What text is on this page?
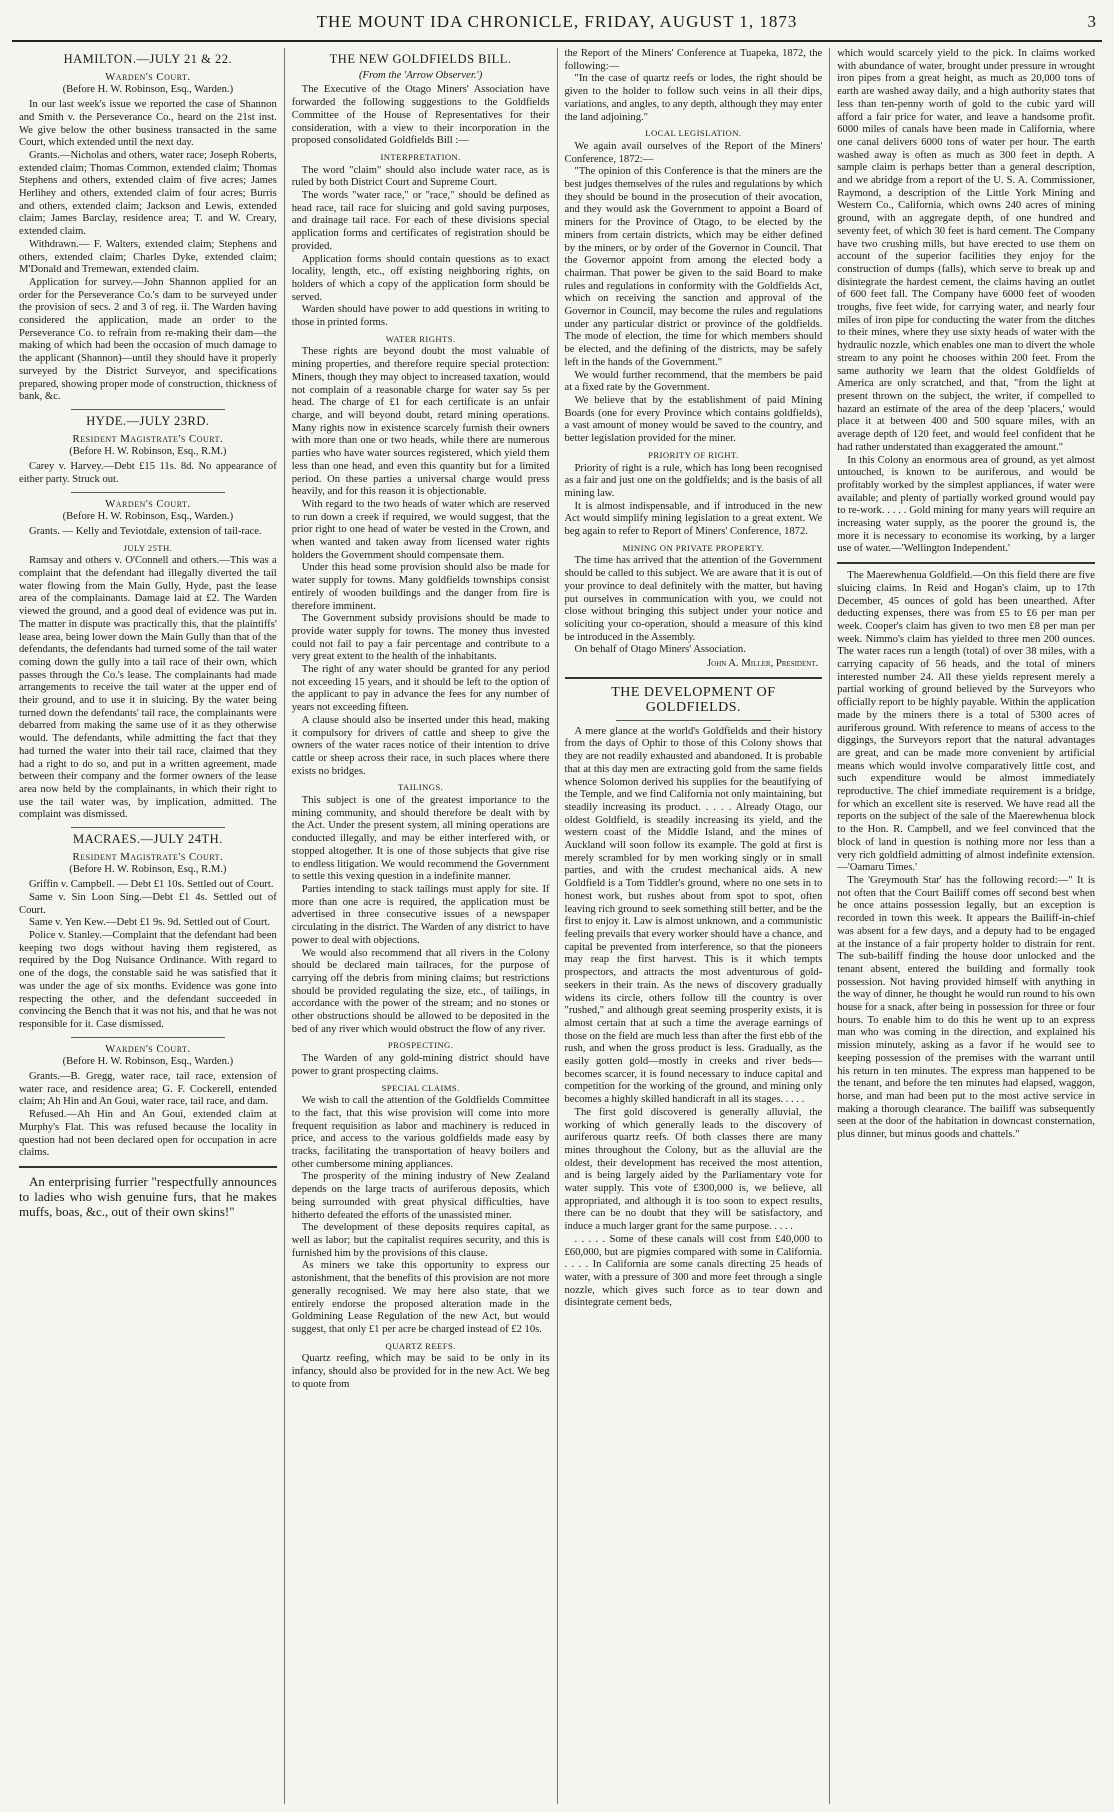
THE MOUNT IDA CHRONICLE, FRIDAY, AUGUST 1, 1873	3
HAMILTON.—JULY 21 & 22.
Warden's Court.
(Before H. W. Robinson, Esq., Warden.)

In our last week's issue we reported the case of Shannon and Smith v. the Perseverance Co., heard on the 21st inst. We give below the other business transacted in the same Court, which extended until the next day.

Grants.—Nicholas and others, water race; Joseph Roberts, extended claim; Thomas Common, extended claim; Thomas Stephens and others, extended claim of five acres; James Herlihey and others, extended claim of four acres; Burris and others, extended claim; Jackson and Lewis, extended claim; James Barclay, residence area; T. and W. Creary, extended claim.

Withdrawn.— F. Walters, extended claim; Stephens and others, extended claim; Charles Dyke, extended claim; M'Donald and Tremewan, extended claim.

Application for survey.—John Shannon applied for an order for the Perseverance Co.'s dam to be surveyed under the provision of secs. 2 and 3 of reg. ii. The Warden having considered the application, made an order to the Perseverance Co. to refrain from re-making their dam—the making of which had been the occasion of much damage to the applicant (Shannon)—until they should have it properly surveyed by the District Surveyor, and specifications prepared, showing proper mode of construction, thickness of bank, &c.

HYDE.—JULY 23RD.
Resident Magistrate's Court.
(Before H. W. Robinson, Esq., R.M.)

Carey v. Harvey.—Debt £15 11s. 8d. No appearance of either party. Struck out.

Warden's Court.
(Before H. W. Robinson, Esq., Warden.)

Grants. — Kelly and Teviotdale, extension of tail-race.

JULY 25TH.

Ramsay and others v. O'Connell and others.—This was a complaint that the defendant had illegally diverted the tail water flowing from the Main Gully, Hyde, past the lease area of the complainants. Damage laid at £2. The Warden viewed the ground, and a good deal of evidence was put in. The matter in dispute was practically this, that the plaintiffs' lease area, being lower down the Main Gully than that of the defendants, the defendants had turned some of the tail water coming down the gully into a tail race of their own, which passes through the Co.'s lease. The complainants had made arrangements to receive the tail water at the upper end of their ground, and to use it in sluicing. By the water being turned down the defendants' tail race, the complainants were debarred from making the same use of it as they otherwise would. The defendants, while admitting the fact that they had turned the water into their tail race, claimed that they had a right to do so, and put in a written agreement, made between their company and the former owners of the lease area now held by the complainants, in which their right to use the tail water was, by implication, admitted. The complaint was dismissed.

MACRAES.—JULY 24TH.
Resident Magistrate's Court.
(Before H. W. Robinson, Esq., R.M.)

Griffin v. Campbell. — Debt £1 10s. Settled out of Court.

Same v. Sin Loon Sing.—Debt £1 4s. Settled out of Court.

Same v. Yen Kew.—Debt £1 9s. 9d. Settled out of Court.

Police v. Stanley.—Complaint that the defendant had been keeping two dogs without having them registered, as required by the Dog Nuisance Ordinance. With regard to one of the dogs, the constable said he was satisfied that it was under the age of six months. Evidence was gone into respecting the other, and the defendant succeeded in convincing the Bench that it was not his, and that he was not responsible for it. Case dismissed.

Warden's Court.
(Before H. W. Robinson, Esq., Warden.)

Grants.—B. Gregg, water race, tail race, extension of water race, and residence area; G. F. Cockerell, entended claim; Ah Hin and An Goui, water race, tail race, and dam.

Refused.—Ah Hin and An Goui, extended claim at Murphy's Flat. This was refused because the locality in question had not been declared open for occupation in acre claims.

An enterprising furrier "respectfully announces to ladies who wish genuine furs, that he makes muffs, boas, &c., out of their own skins!"

THE NEW GOLDFIELDS BILL.
(From the 'Arrow Observer.')

The Executive of the Otago Miners' Association have forwarded the following suggestions to the Goldfields Committee of the House of Representatives for their consideration, with a view to their incorporation in the proposed consolidated Goldfields Bill :—

INTERPRETATION.

The word "claim" should also include water race, as is ruled by both District Court and Supreme Court.

The words "water race," or "race," should be defined as head race, tail race for sluicing and gold saving purposes, and drainage tail race. For each of these divisions special application forms and certificates of registration should be provided.

Application forms should contain questions as to exact locality, length, etc., off existing neighboring rights, on holders of which a copy of the application form should be served.

Warden should have power to add questions in writing to those in printed forms.

WATER RIGHTS.

These rights are beyond doubt the most valuable of mining properties, and therefore require special protection: Miners, though they may object to increased taxation, would not complain of a reasonable charge for water say 5s per head. The charge of £1 for each certificate is an unfair charge, and will beyond doubt, retard mining operations. Many rights now in existence scarcely furnish their owners with more than one or two heads, while there are numerous parties who have water sources registered, which yield them less than one head, and even this quantity but for a limited period. On these parties a universal charge would press heavily, and for this reason it is objectionable.

With regard to the two heads of water which are reserved to run down a creek if required, we would suggest, that the prior right to one head of water be vested in the Crown, and when wanted and taken away from licensed water rights holders the Government should compensate them.

Under this head some provision should also be made for water supply for towns. Many goldfields townships consist entirely of wooden buildings and the danger from fire is therefore imminent.

The Government subsidy provisions should be made to provide water supply for towns. The money thus invested could not fail to pay a fair percentage and contribute to a very great extent to the health of the inhabitants.

The right of any water should be granted for any period not exceeding 15 years, and it should be left to the option of the applicant to pay in advance the fees for any number of years not exceeding fifteen.

A clause should also be inserted under this head, making it compulsory for drivers of cattle and sheep to give the owners of the water races notice of their intention to drive cattle or sheep across their race, in such places where there exists no bridges.

TAILINGS.

This subject is one of the greatest importance to the mining community, and should therefore be dealt with by the Act. Under the present system, all mining operations are conducted illegally, and may be either interfered with, or stopped altogether. It is one of those subjects that give rise to endless litigation. We would recommend the Government to settle this vexing question in a indefinite manner.

Parties intending to stack tailings must apply for site. If more than one acre is required, the application must be advertised in three consecutive issues of a newspaper circulating in the district. The Warden of any district to have power to deal with objections.

We would also recommend that all rivers in the Colony should be declared main tailraces, for the purpose of carrying off the debris from mining claims; but restrictions should be provided regulating the size, etc., of tailings, in accordance with the power of the stream; and no stones or other obstructions should be allowed to be deposited in the bed of any river which would obstruct the flow of any river.

PROSPECTING.

The Warden of any gold-mining district should have power to grant prospecting claims.

SPECIAL CLAIMS.

We wish to call the attention of the Goldfields Committee to the fact, that this wise provision will come into more frequent requisition as labor and machinery is reduced in price, and access to the various goldfields made easy by tracks, facilitating the transportation of heavy boilers and other cumbersome mining appliances.

The prosperity of the mining industry of New Zealand depends on the large tracts of auriferous deposits, which being surrounded with great physical difficulties, have hitherto defeated the efforts of the unassisted miner.

The development of these deposits requires capital, as well as labor; but the capitalist requires security, and this is furnished him by the provisions of this clause.

As miners we take this opportunity to express our astonishment, that the benefits of this provision are not more generally recognised. We may here also state, that we entirely endorse the proposed alteration made in the Goldmining Lease Regulation of the new Act, but would suggest, that only £1 per acre be charged instead of £2 10s.

QUARTZ REEFS.

Quartz reefing, which may be said to be only in its infancy, should also be provided for in the new Act. We beg to quote from

the Report of the Miners' Conference at Tuapeka, 1872, the following:—

"In the case of quartz reefs or lodes, the right should be given to the holder to follow such veins in all their dips, variations, and angles, to any depth, although they may enter the land adjoining."

LOCAL LEGISLATION.

We again avail ourselves of the Report of the Miners' Conference, 1872:—

"The opinion of this Conference is that the miners are the best judges themselves of the rules and regulations by which they should be bound in the prosecution of their avocation, and they would ask the Government to appoint a Board of miners for the Province of Otago, to be elected by the miners from certain districts, which may be either defined by the miners, or by order of the Governor in Council. That the Governor appoint from among the elected body a chairman. That power be given to the said Board to make rules and regulations in conformity with the Goldfields Act, which on receiving the sanction and approval of the Governor in Council, may become the rules and regulations under any particular district or province of the goldfields. The mode of election, the time for which members should be elected, and the defining of the districts, may be safely left in the hands of the Government."

We would further recommend, that the members be paid at a fixed rate by the Government.

We believe that by the establishment of paid Mining Boards (one for every Province which contains goldfields), a vast amount of money would be saved to the country, and better legislation provided for the miner.

PRIORITY OF RIGHT.

Priority of right is a rule, which has long been recognised as a fair and just one on the goldfields; and is the basis of all mining law.

It is almost indispensable, and if introduced in the new Act would simplify mining legislation to a great extent. We beg again to refer to Report of Miners' Conference, 1872.

MINING ON PRIVATE PROPERTY.

The time has arrived that the attention of the Government should be called to this subject. We are aware that it is out of your province to deal definitely with the matter, but having put ourselves in communication with you, we could not close without bringing this subject under your notice and soliciting your co-operation, should a measure of this kind be introduced in the Assembly.

On behalf of Otago Miners' Association.

John A. Miller, President.
THE DEVELOPMENT OF GOLDFIELDS.

A mere glance at the world's Goldfields and their history from the days of Ophir to those of this Colony shows that they are not readily exhausted and abandoned. It is probable that at this day men are extracting gold from the same fields whence Solomon derived his supplies for the beautifying of the Temple, and we find California not only maintaining, but steadily increasing its product. . . . . Already Otago, our oldest Goldfield, is steadily increasing its yield, and the western coast of the Middle Island, and the mines of Auckland will soon follow its example. The gold at first is merely scrambled for by men working singly or in small parties, and with the crudest mechanical aids. A new Goldfield is a Tom Tiddler's ground, where no one sets in to honest work, but rushes about from spot to spot, often leaving rich ground to seek something still better, and be the first to enjoy it. Law is almost unknown, and a communistic feeling prevails that every worker should have a chance, and capital be prevented from interference, so that the pioneers may reap the first harvest. This is it which tempts prospectors, and attracts the most adventurous of gold-seekers in their train. As the news of discovery gradually widens its circle, others follow till the country is over "rushed," and although great seeming prosperity exists, it is almost certain that at such a time the average earnings of those on the field are much less than after the first ebb of the rush, and when the gross product is less. Gradually, as the easily gotten gold—mostly in creeks and river beds—becomes scarcer, it is found necessary to induce capital and competition for the working of the ground, and mining only becomes a highly skilled handicraft in all its stages. . . . .

The first gold discovered is generally alluvial, the working of which generally leads to the discovery of auriferous quartz reefs. Of both classes there are many mines throughout the Colony, but as the alluvial are the oldest, their development has received the most attention, and is being largely aided by the Parliamentary vote for water supply. This vote of £300,000 is, we believe, all appropriated, and although it is too soon to expect results, there can be no doubt that they will be satisfactory, and induce a much larger grant for the same purpose. . . . .

. . . . . Some of these canals will cost from £40,000 to £60,000, but are pigmies compared with some in California. . . . . In California are some canals directing 25 heads of water, with a pressure of 300 and more feet through a single nozzle, which gives such force as to tear down and disintegrate cement beds,

which would scarcely yield to the pick. In claims worked with abundance of water, brought under pressure in wrought iron pipes from a great height, as much as 20,000 tons of earth are washed away daily, and a high authority states that less than ten-penny worth of gold to the cubic yard will afford a fair price for water, and leave a handsome profit. 6000 miles of canals have been made in California, where one canal delivers 6000 tons of water per hour. The earth washed away is often as much as 300 feet in depth. A sample claim is perhaps better than a general description, and we abridge from a report of the U. S. A. Commissioner, Raymond, a description of the Little York Mining and Western Co., California, which owns 240 acres of mining ground, with an aggregate depth, of one hundred and seventy feet, of which 30 feet is hard cement. The Company have two crushing mills, but have erected to use them on account of the superior facilities they enjoy for the construction of dumps (falls), which serve to break up and disintegrate the hardest cement, the claims having an outlet of 600 feet fall. The Company have 6000 feet of wooden troughs, five feet wide, for carrying water, and nearly four miles of iron pipe for conducting the water from the ditches to their mines, where they use sixty heads of water with the hydraulic nozzle, which enables one man to divert the whole stream to any point he chooses within 200 feet. From the same authority we learn that the oldest Goldfields of America are only scratched, and that, "from the light at present thrown on the subject, the writer, if compelled to hazard an estimate of the area of the deep 'placers,' would place it at between 400 and 500 square miles, with an average depth of 120 feet, and would feel confident that he had rather understated than exaggerated the amount."

In this Colony an enormous area of ground, as yet almost untouched, is known to be auriferous, and would be profitably worked by the simplest appliances, if water were available; and plenty of partially worked ground would pay to re-work. . . . . Gold mining for many years will require an increasing water supply, as the poorer the ground is, the more it is necessary to economise its working, by a larger use of water.—'Wellington Independent.'

The Maerewhenua Goldfield.—On this field there are five sluicing claims. In Reid and Hogan's claim, up to 17th December, 45 ounces of gold has been unearthed. After deducting expenses, there was from £5 to £6 per man per week. Cooper's claim has given to two men £8 per man per week. Nimmo's claim has yielded to three men 200 ounces. The water races run a length (total) of over 38 miles, with a carrying capacity of 56 heads, and the total of miners interested number 24. All these yields represent merely a partial working of ground believed by the Surveyors who officially report to be highly payable. Within the application made by the miners there is a total of 5300 acres of auriferous ground. With reference to means of access to the diggings, the Surveyors report that the natural advantages are great, and can be made more convenient by artificial means which would involve comparatively little cost, and such expenditure would be almost immediately reproductive. The chief immediate requirement is a bridge, for which an excellent site is reserved. We have read all the reports on the subject of the sale of the Maerewhenua block to the Hon. R. Campbell, and we feel convinced that the block of land in question is nothing more nor less than a very rich goldfield admitting of almost indefinite extension.—'Oamaru Times.'

The 'Greymouth Star' has the following record:—" It is not often that the Court Bailiff comes off second best when he once attains possession legally, but an exception is recorded in town this week. It appears the Bailiff-in-chief was absent for a few days, and a deputy had to be engaged at the instance of a fair property holder to distrain for rent. The sub-bailiff finding the house door unlocked and the tenant absent, entered the building and formally took possession. Not having provided himself with anything in the way of dinner, he thought he would run round to his own house for a snack, after being in possession for three or four hours. To enable him to do this he went up to an express man who was coming in the direction, and explained his mission minutely, asking as a favor if he would see to keeping possession of the premises with the warrant until his return in ten minutes. The express man happened to be the tenant, and before the ten minutes had elapsed, waggon, horse, and man had been put to the most active service in making a thorough clearance. The bailiff was subsequently seen at the door of the habitation in downcast consternation, plus dinner, but minus goods and chattels."
